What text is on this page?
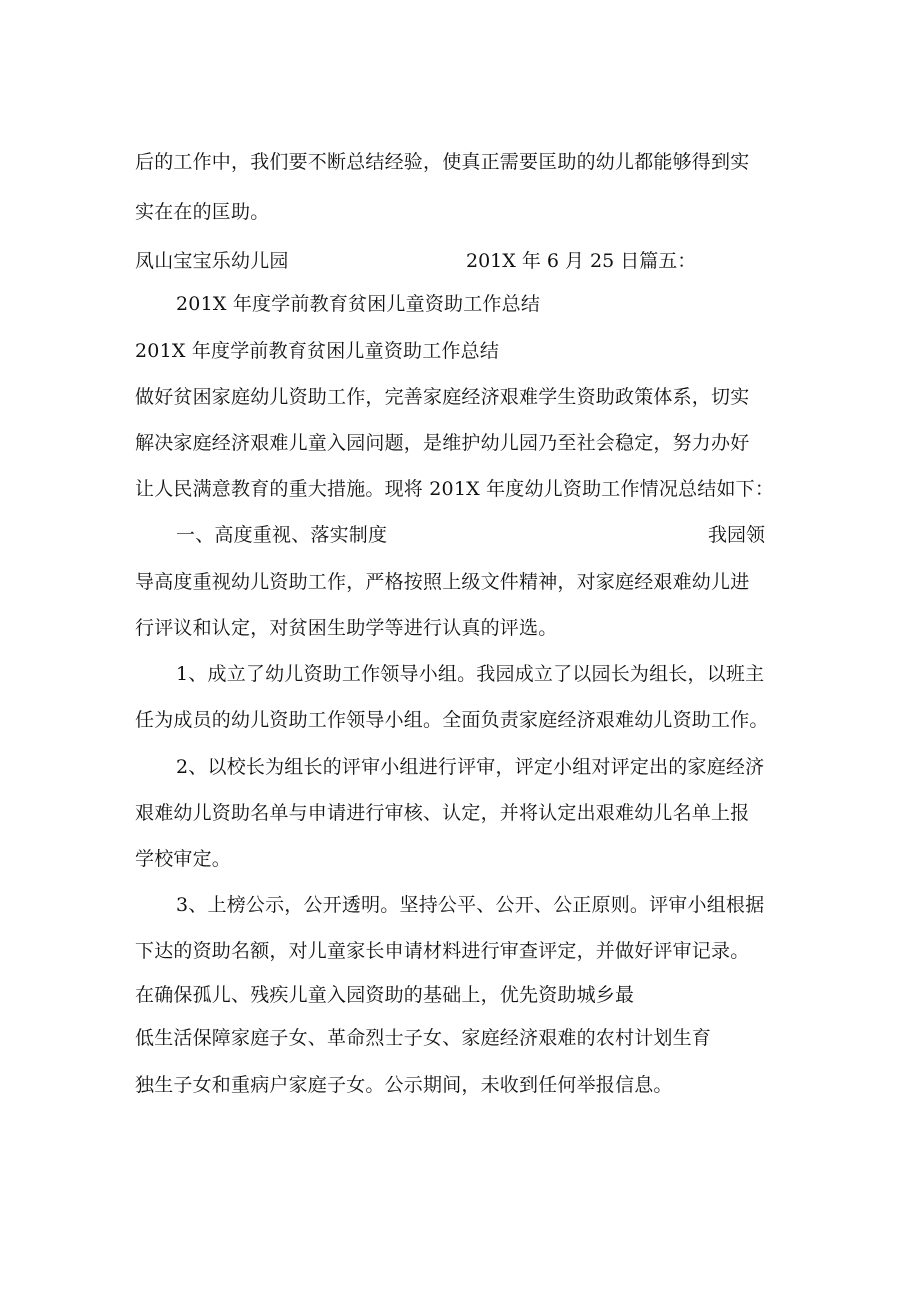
后的工作中，我们要不断总结经验，使真正需要匡助的幼儿都能够得到实
实在在的匡助。
凤山宝宝乐幼儿园	201X 年 6 月 25 日篇五：
201X 年度学前教育贫困儿童资助工作总结
201X 年度学前教育贫困儿童资助工作总结
做好贫困家庭幼儿资助工作，完善家庭经济艰难学生资助政策体系，切实
解决家庭经济艰难儿童入园问题，是维护幼儿园乃至社会稳定，努力办好
让人民满意教育的重大措施。现将 201X 年度幼儿资助工作情况总结如下：
一、高度重视、落实制度	我园领
导高度重视幼儿资助工作，严格按照上级文件精神，对家庭经艰难幼儿进
行评议和认定，对贫困生助学等进行认真的评选。
1、成立了幼儿资助工作领导小组。我园成立了以园长为组长，以班主
任为成员的幼儿资助工作领导小组。全面负责家庭经济艰难幼儿资助工作。
2、以校长为组长的评审小组进行评审，评定小组对评定出的家庭经济
艰难幼儿资助名单与申请进行审核、认定，并将认定出艰难幼儿名单上报
学校审定。
3、上榜公示，公开透明。坚持公平、公开、公正原则。评审小组根据
下达的资助名额，对儿童家长申请材料进行审查评定，并做好评审记录。
在确保孤儿、残疾儿童入园资助的基础上，优先资助城乡最
低生活保障家庭子女、革命烈士子女、家庭经济艰难的农村计划生育
独生子女和重病户家庭子女。公示期间，未收到任何举报信息。
